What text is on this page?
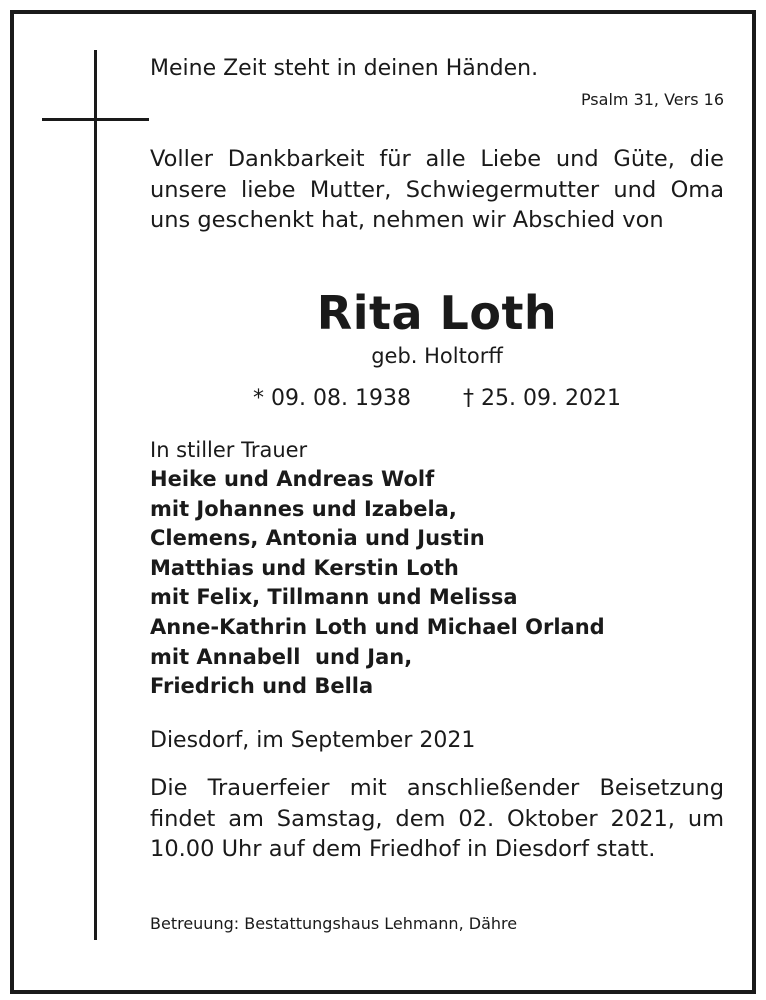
Meine Zeit steht in deinen Händen.

Psalm 31, Vers 16

Voller Dankbarkeit für alle Liebe und Güte, die unsere liebe Mutter, Schwiegermutter und Oma uns geschenkt hat, nehmen wir Abschied von

Rita Loth

geb. Holtorff

* 09. 08. 1938 † 25. 09. 2021

In stiller Trauer

Heike und Andreas Wolf
mit Johannes und Izabela,
Clemens, Antonia und Justin
Matthias und Kerstin Loth
mit Felix, Tillmann und Melissa
Anne-Kathrin Loth und Michael Orland
mit Annabell  und Jan,
Friedrich und Bella

Diesdorf, im September 2021

Die Trauerfeier mit anschließender Beisetzung findet am Samstag, dem 02. Oktober 2021, um 10.00 Uhr auf dem Friedhof in Diesdorf statt.

Betreuung: Bestattungshaus Lehmann, Dähre
